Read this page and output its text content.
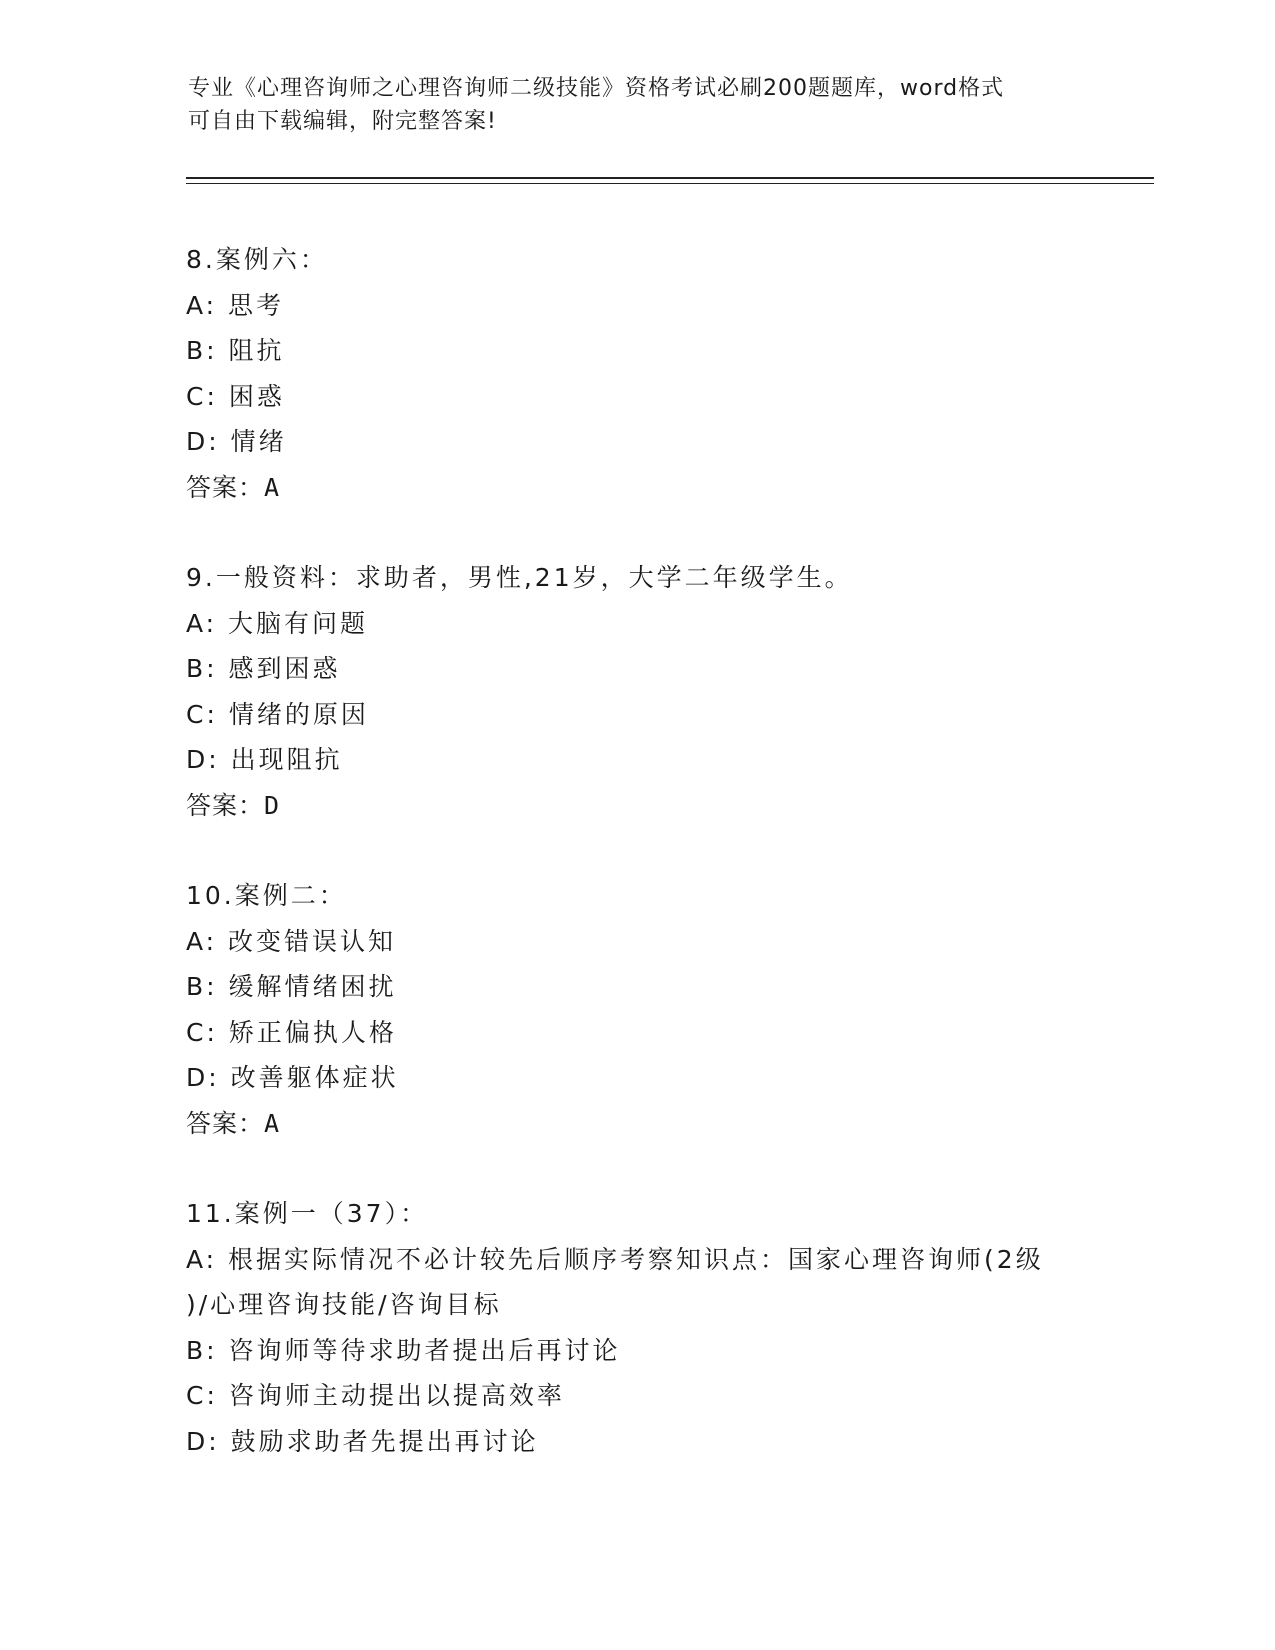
专业《心理咨询师之心理咨询师二级技能》资格考试必刷200题题库，word格式
可自由下载编辑，附完整答案!
8.案例六：
A: 思考
B: 阻抗
C: 困惑
D: 情绪
答案：A
9.一般资料：求助者，男性,21岁，大学二年级学生。
A: 大脑有问题
B: 感到困惑
C: 情绪的原因
D: 出现阻抗
答案：D
10.案例二：
A: 改变错误认知
B: 缓解情绪困扰
C: 矫正偏执人格
D: 改善躯体症状
答案：A
11.案例一（37）：
A: 根据实际情况不必计较先后顺序考察知识点：国家心理咨询师(2级
)/心理咨询技能/咨询目标
B: 咨询师等待求助者提出后再讨论
C: 咨询师主动提出以提高效率
D: 鼓励求助者先提出再讨论
